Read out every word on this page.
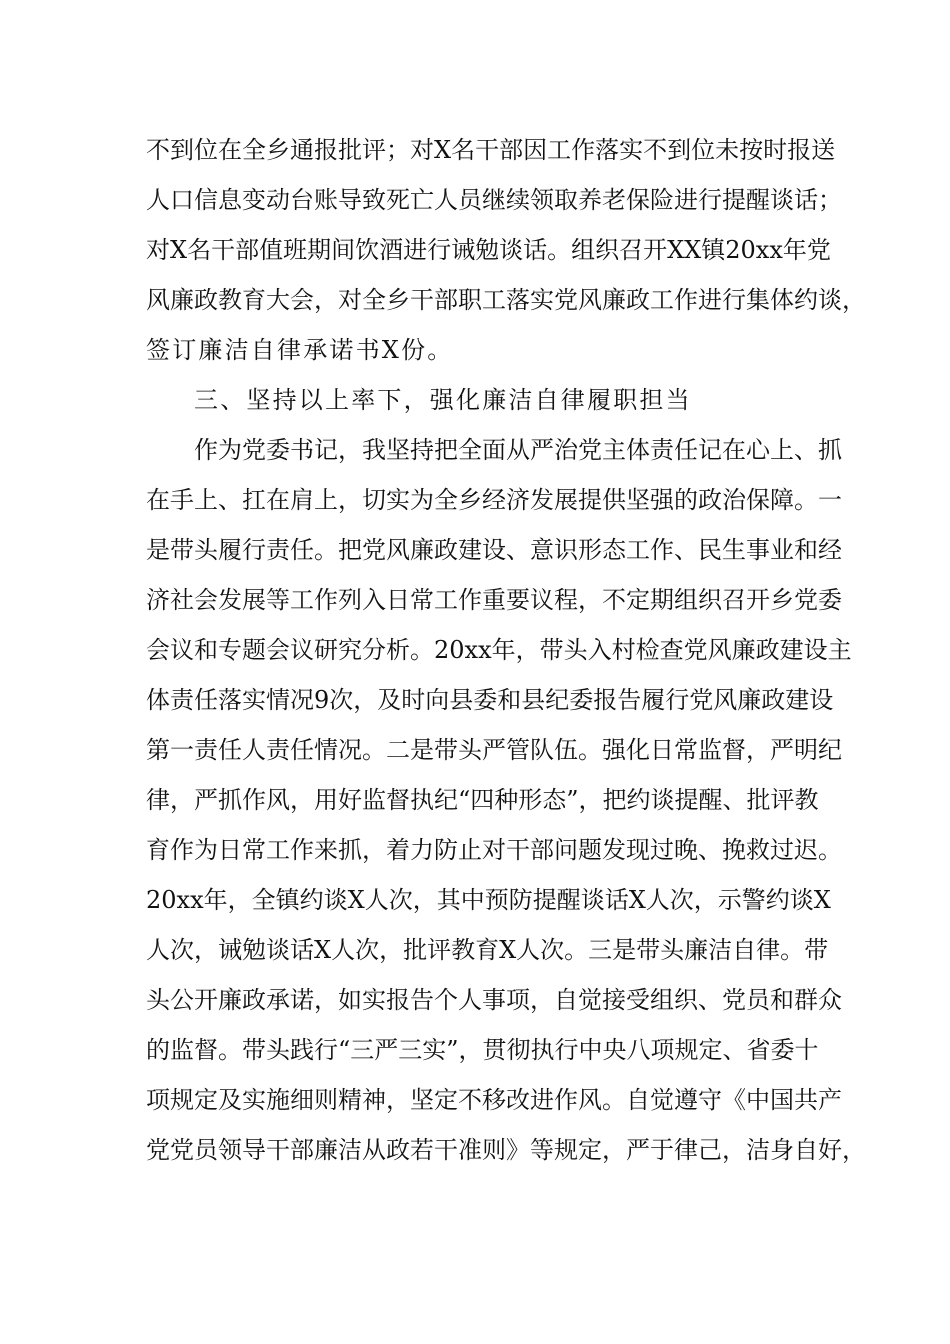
不到位在全乡通报批评；对X名干部因工作落实不到位未按时报送
人口信息变动台账导致死亡人员继续领取养老保险进行提醒谈话；
对X名干部值班期间饮酒进行诫勉谈话。组织召开XX镇20xx年党
风廉政教育大会，对全乡干部职工落实党风廉政工作进行集体约谈，
签订廉洁自律承诺书X份。
三、坚持以上率下，强化廉洁自律履职担当
作为党委书记，我坚持把全面从严治党主体责任记在心上、抓
在手上、扛在肩上，切实为全乡经济发展提供坚强的政治保障。一
是带头履行责任。把党风廉政建设、意识形态工作、民生事业和经
济社会发展等工作列入日常工作重要议程，不定期组织召开乡党委
会议和专题会议研究分析。20xx年，带头入村检查党风廉政建设主
体责任落实情况9次，及时向县委和县纪委报告履行党风廉政建设
第一责任人责任情况。二是带头严管队伍。强化日常监督，严明纪
律，严抓作风，用好监督执纪“四种形态”，把约谈提醒、批评教
育作为日常工作来抓，着力防止对干部问题发现过晚、挽救过迟。
20xx年，全镇约谈X人次，其中预防提醒谈话X人次，示警约谈X
人次，诫勉谈话X人次，批评教育X人次。三是带头廉洁自律。带
头公开廉政承诺，如实报告个人事项，自觉接受组织、党员和群众
的监督。带头践行“三严三实”，贯彻执行中央八项规定、省委十
项规定及实施细则精神，坚定不移改进作风。自觉遵守《中国共产
党党员领导干部廉洁从政若干准则》等规定，严于律己，洁身自好，
